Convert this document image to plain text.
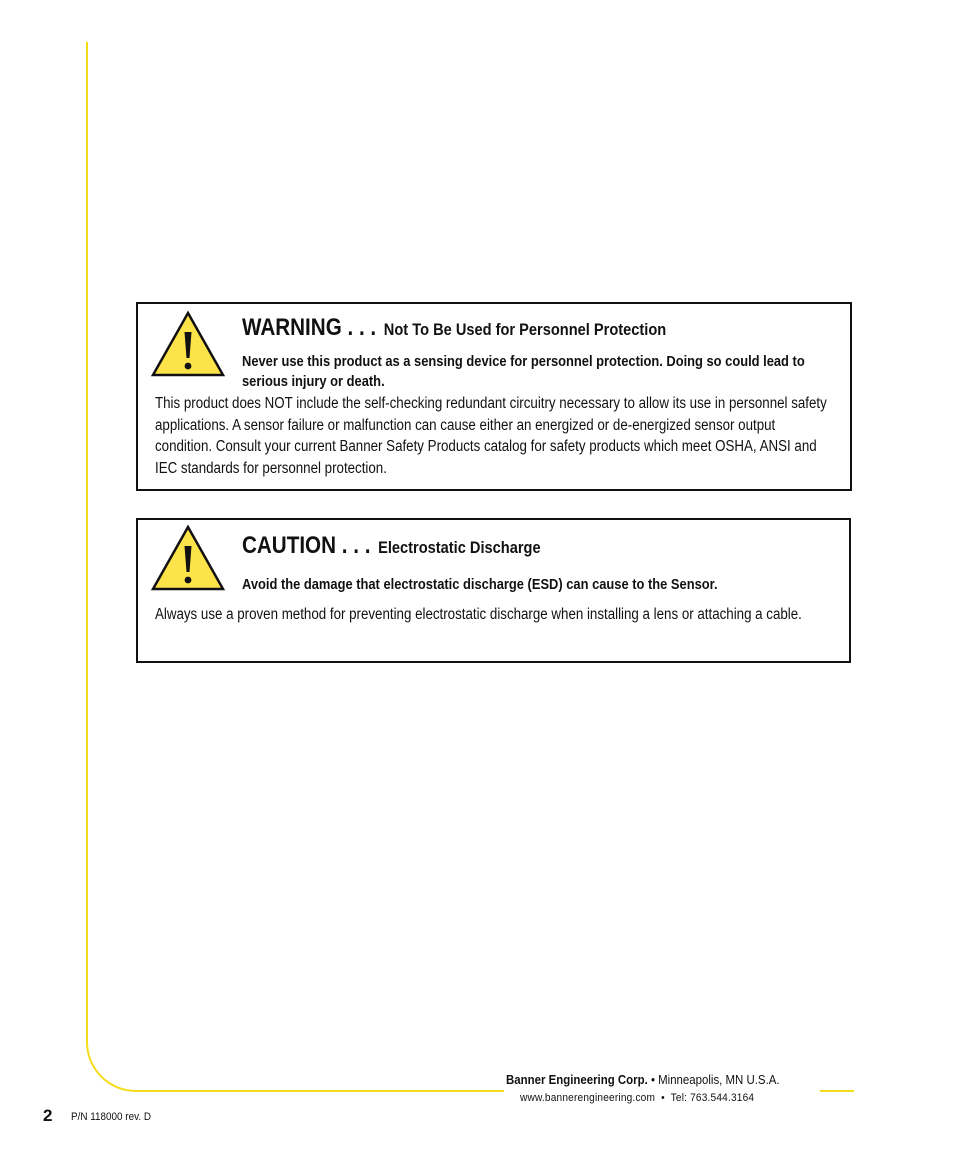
WARNING . . . Not To Be Used for Personnel Protection
Never use this product as a sensing device for personnel protection. Doing so could lead to serious injury or death.
This product does NOT include the self-checking redundant circuitry necessary to allow its use in personnel safety applications. A sensor failure or malfunction can cause either an energized or de-energized sensor output condition. Consult your current Banner Safety Products catalog for safety products which meet OSHA, ANSI and IEC standards for personnel protection.
CAUTION . . . Electrostatic Discharge
Avoid the damage that electrostatic discharge (ESD) can cause to the Sensor.
Always use a proven method for preventing electrostatic discharge when installing a lens or attaching a cable.
Banner Engineering Corp. • Minneapolis, MN U.S.A.
www.bannerengineering.com  •  Tel: 763.544.3164
2 P/N 118000 rev. D
